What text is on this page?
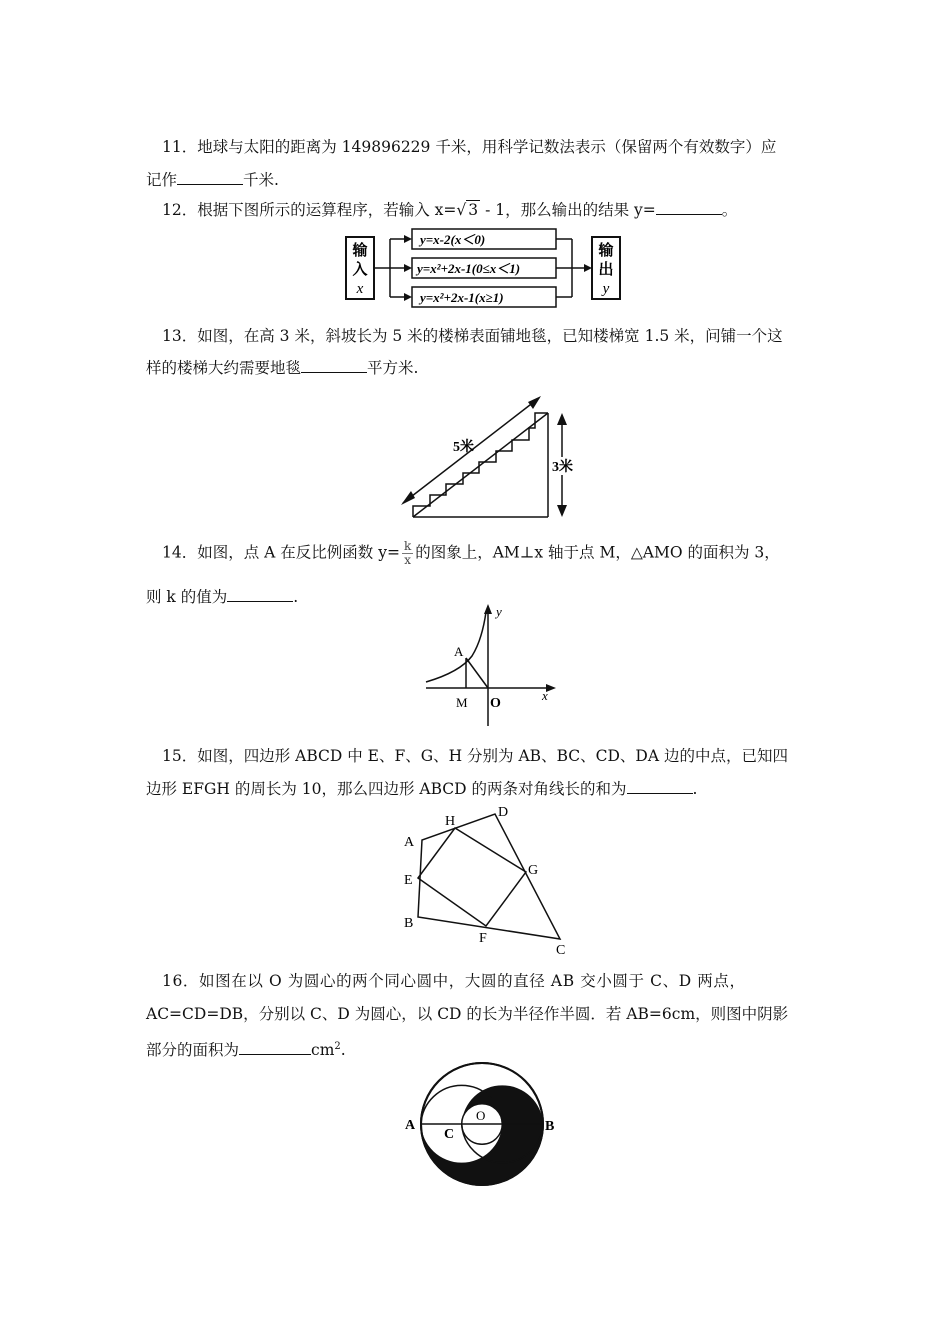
11．地球与太阳的距离为 149896229 千米，用科学记数法表示（保留两个有效数字）应
记作	千米.
12．根据下图所示的运算程序，若输入 x=√ 3 - 1，那么输出的结果 y=	。
输
入
x
y=x-2(x＜0)
y=x²+2x-1(0≤x＜1)
y=x²+2x-1(x≥1)
输
出
y
13．如图，在高 3 米，斜坡长为 5 米的楼梯表面铺地毯，已知楼梯宽 1.5 米，问铺一个这
样的楼梯大约需要地毯	平方米.
5米
3米
14．如图，点 A 在反比例函数 $y= \frac{k}{x}$ 的图象上，AM⊥x 轴于点 M，△AMO 的面积为 3，
则 k 的值为	.
y
x
A
M O
15．如图，四边形 ABCD 中 E、F、G、H 分别为 AB、BC、CD、DA 边的中点，已知四
边形 EFGH 的周长为 10，那么四边形 ABCD 的两条对角线长的和为	.
A
B
C
D
E
F
G
H
16．如图在以 O 为圆心的两个同心圆中，大圆的直径 AB 交小圆于 C、D 两点，
AC=CD=DB，分别以 C、D 为圆心，以 CD 的长为半径作半圆．若 AB=6cm，则图中阴影
部分的面积为	$cm^2$.
A	B
C
O
